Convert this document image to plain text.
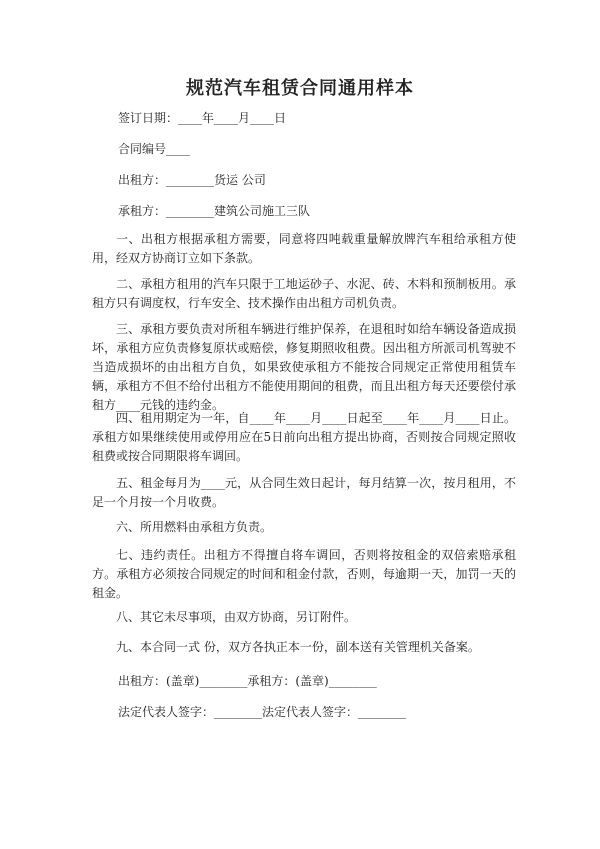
规范汽车租赁合同通用样本
签订日期：____年____月____日
合同编号____
出租方：________货运 公司
承租方：________建筑公司施工三队
一、出租方根据承租方需要，同意将四吨载重量解放牌汽车租给承租方使用，经双方协商订立如下条款。
二、承租方租用的汽车只限于工地运砂子、水泥、砖、木料和预制板用。承租方只有调度权，行车安全、技术操作由出租方司机负责。
三、承租方要负责对所租车辆进行维护保养，在退租时如给车辆设备造成损坏，承租方应负责修复原状或赔偿，修复期照收租费。因出租方所派司机驾驶不当造成损坏的由出租方自负，如果致使承租方不能按合同规定正常使用租赁车辆，承租方不但不给付出租方不能使用期间的租费，而且出租方每天还要偿付承租方____元钱的违约金。
四、租用期定为一年，自____年____月____日起至____年____月____日止。承租方如果继续使用或停用应在5日前向出租方提出协商，否则按合同规定照收租费或按合同期限将车调回。
五、租金每月为____元，从合同生效日起计，每月结算一次，按月租用，不足一个月按一个月收费。
六、所用燃料由承租方负责。
七、违约责任。出租方不得擅自将车调回，否则将按租金的双倍索赔承租方。承租方必须按合同规定的时间和租金付款，否则，每逾期一天，加罚一天的租金。
八、其它未尽事项，由双方协商，另订附件。
九、本合同一式 份，双方各执正本一份，副本送有关管理机关备案。
出租方：(盖章)________承租方：(盖章)________
法定代表人签字：________法定代表人签字：________
